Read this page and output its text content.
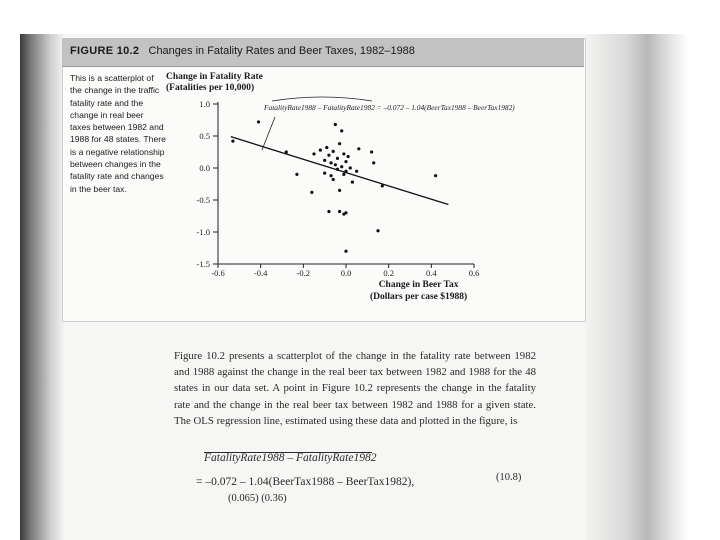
FIGURE 10.2 Changes in Fatality Rates and Beer Taxes, 1982–1988
This is a scatterplot of the change in the traffic fatality rate and the change in real beer taxes between 1982 and 1988 for 48 states. There is a negative relationship between changes in the fatality rate and changes in the beer tax.
Change in Fatality Rate
(Fatalities per 10,000)
1.0
0.5
0.0
-0.5
-1.0
-1.5
-0.6	-0.4	-0.2	0.0	0.2	0.4	0.6
FatalityRate1988 – FatalityRate1982 = –0.072 – 1.04(BeerTax1988 – BeerTax1982)
Change in Beer Tax
(Dollars per case $1988)
Figure 10.2 presents a scatterplot of the change in the fatality rate between 1982 and 1988 against the change in the real beer tax between 1982 and 1988 for the 48 states in our data set. A point in Figure 10.2 represents the change in the fatality rate and the change in the real beer tax between 1982 and 1988 for a given state. The OLS regression line, estimated using these data and plotted in the figure, is
FatalityRate1988 – FatalityRate1982
= –0.072 – 1.04(BeerTax1988 – BeerTax1982),
(0.065) (0.36)
(10.8)
